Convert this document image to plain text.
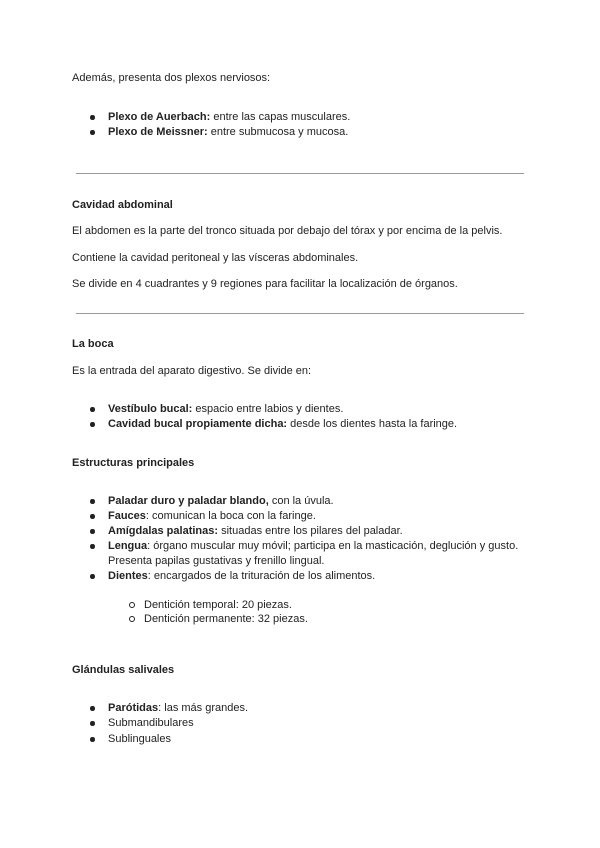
Además, presenta dos plexos nerviosos:

Plexo de Auerbach: entre las capas musculares.
Plexo de Meissner: entre submucosa y mucosa.

Cavidad abdominal

El abdomen es la parte del tronco situada por debajo del tórax y por encima de la pelvis.

Contiene la cavidad peritoneal y las vísceras abdominales.

Se divide en 4 cuadrantes y 9 regiones para facilitar la localización de órganos.

La boca

Es la entrada del aparato digestivo. Se divide en:

Vestíbulo bucal: espacio entre labios y dientes.
Cavidad bucal propiamente dicha: desde los dientes hasta la faringe.

Estructuras principales

Paladar duro y paladar blando, con la úvula.
Fauces: comunican la boca con la faringe.
Amígdalas palatinas: situadas entre los pilares del paladar.
Lengua: órgano muscular muy móvil; participa en la masticación, deglución y gusto. Presenta papilas gustativas y frenillo lingual.
Dientes: encargados de la trituración de los alimentos.
Dentición temporal: 20 piezas.
Dentición permanente: 32 piezas.

Glándulas salivales

Parótidas: las más grandes.
Submandibulares
Sublinguales
